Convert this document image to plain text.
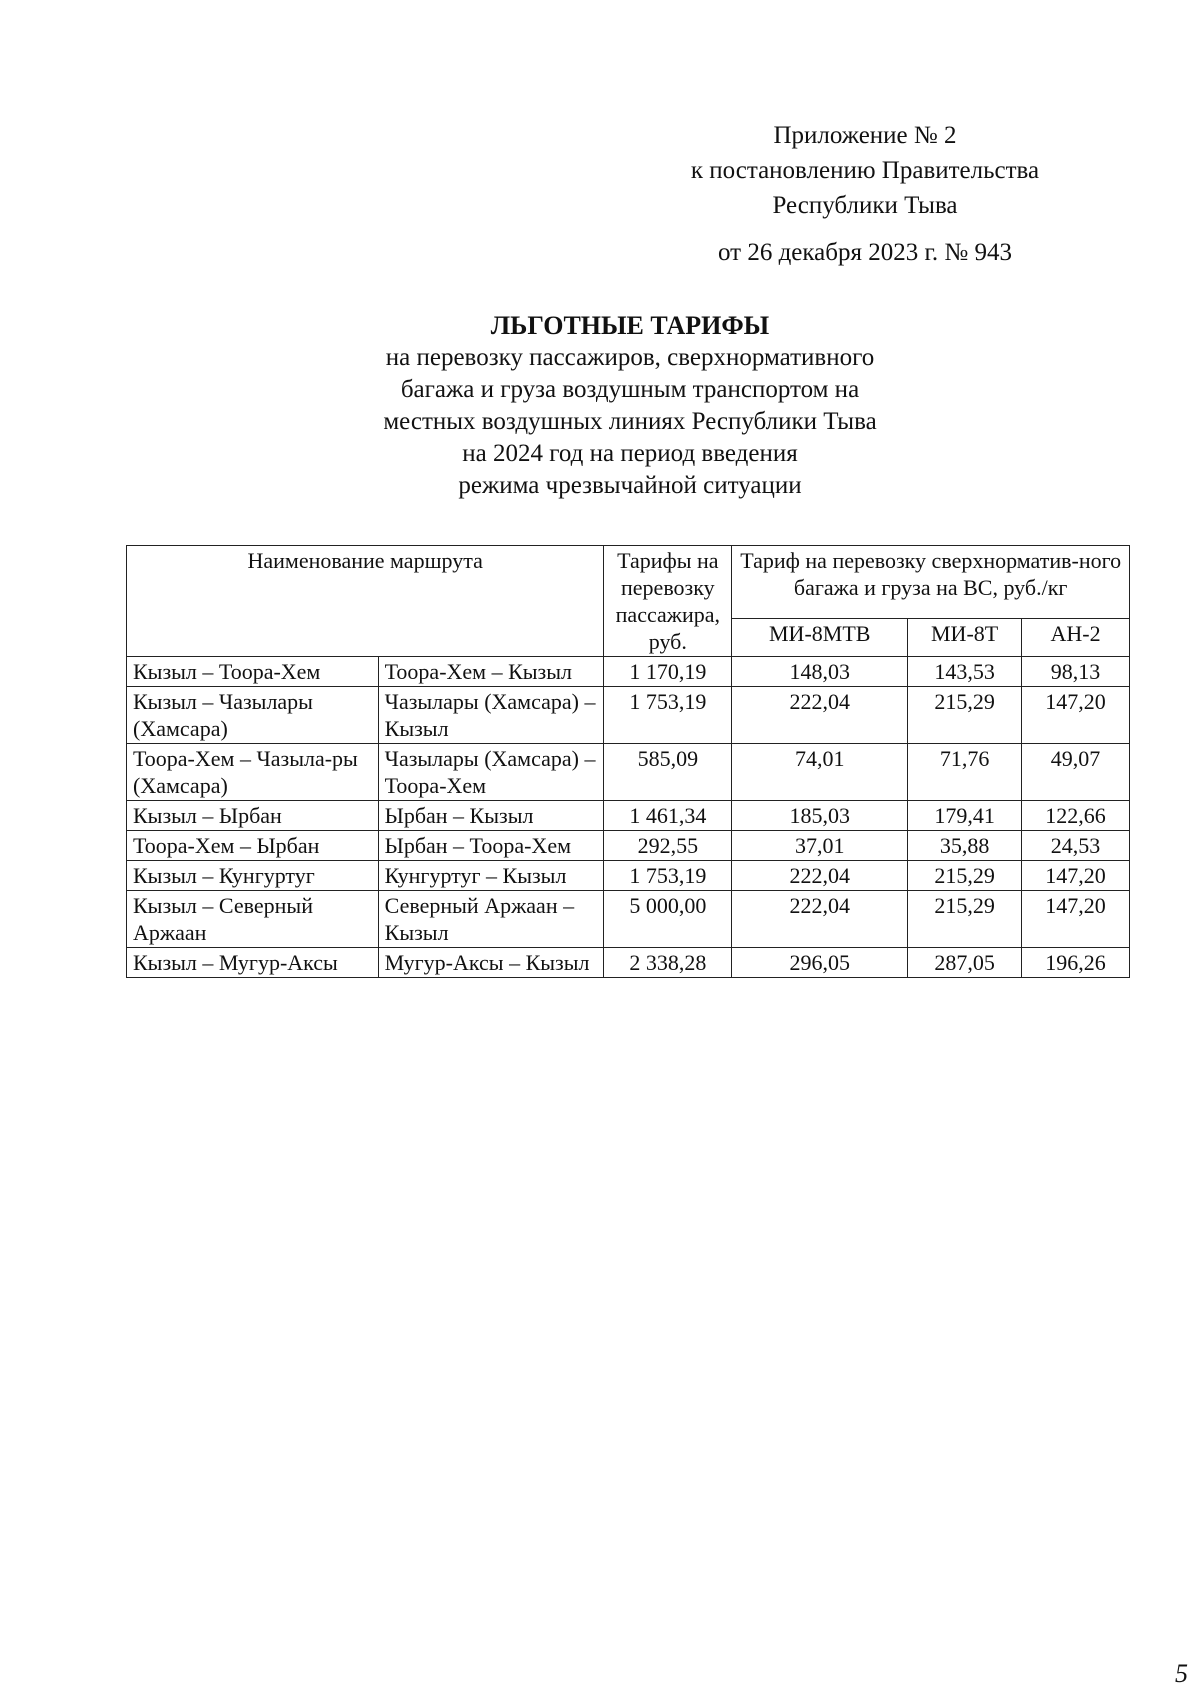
Приложение № 2
к постановлению Правительства
Республики Тыва
от 26 декабря 2023 г. № 943
ЛЬГОТНЫЕ ТАРИФЫ
на перевозку пассажиров, сверхнормативного
багажа и груза воздушным транспортом на
местных воздушных линиях Республики Тыва
на 2024 год на период введения
режима чрезвычайной ситуации
Наименование маршрута		Тарифы на перевозку пассажира, руб.	Тариф на перевозку сверхнорматив-ного багажа и груза на ВС, руб./кг		
			МИ-8МТВ	МИ-8Т	АН-2
Кызыл – Тоора-Хем	Тоора-Хем – Кызыл	1 170,19	148,03	143,53	98,13
Кызыл – Чазылары (Хамсара)	Чазылары (Хамсара) – Кызыл	1 753,19	222,04	215,29	147,20
Тоора-Хем – Чазыла-ры (Хамсара)	Чазылары (Хамсара) – Тоора-Хем	585,09	74,01	71,76	49,07
Кызыл – Ырбан	Ырбан – Кызыл	1 461,34	185,03	179,41	122,66
Тоора-Хем – Ырбан	Ырбан – Тоора-Хем	292,55	37,01	35,88	24,53
Кызыл – Кунгуртуг	Кунгуртуг – Кызыл	1 753,19	222,04	215,29	147,20
Кызыл – Северный Аржаан	Северный Аржаан – Кызыл	5 000,00	222,04	215,29	147,20
Кызыл – Мугур-Аксы	Мугур-Аксы – Кызыл	2 338,28	296,05	287,05	196,26
5
